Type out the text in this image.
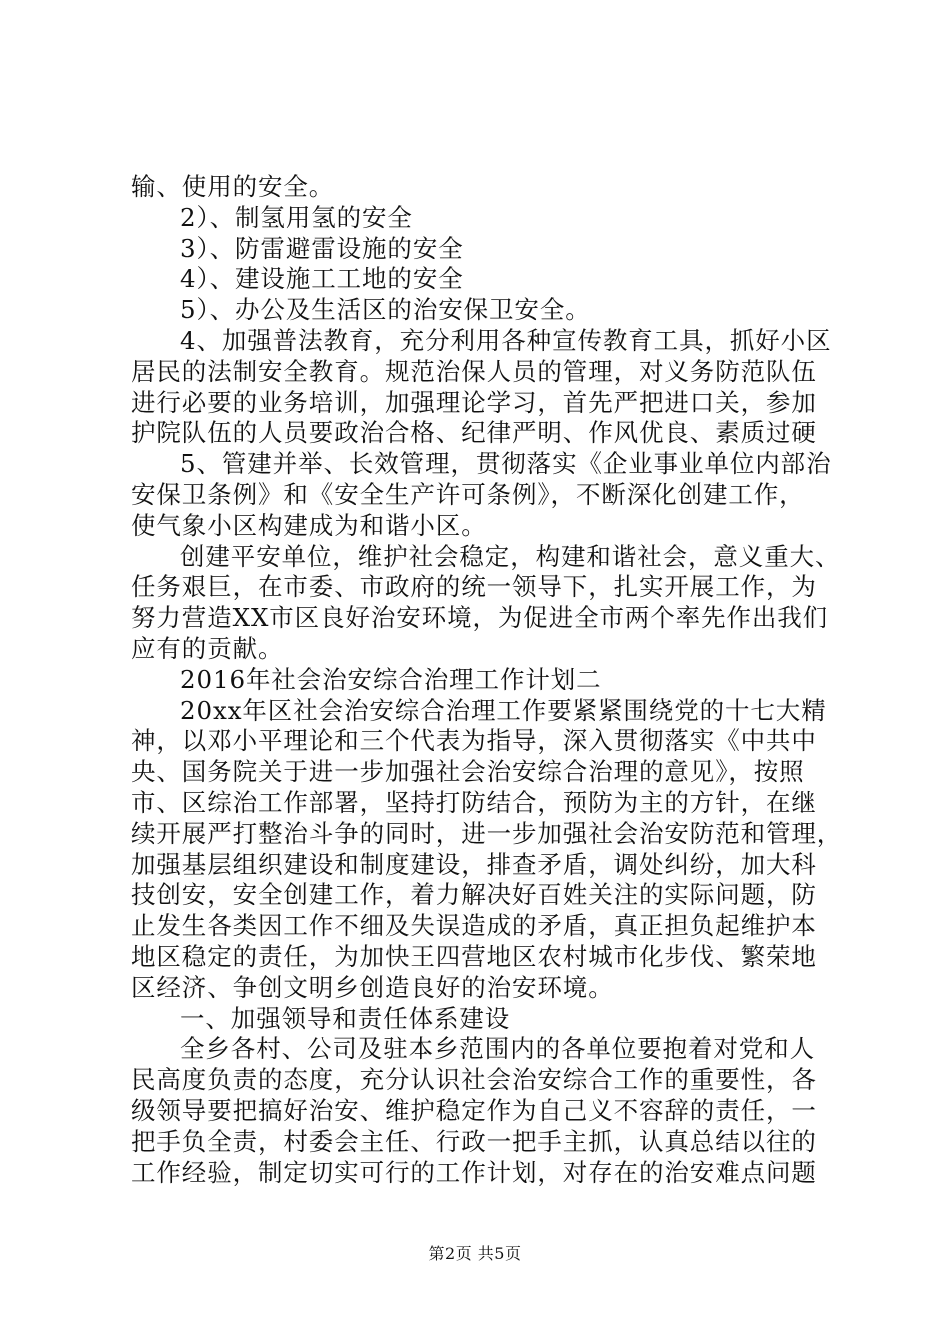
输、使用的安全。
2）、制氢用氢的安全
3）、防雷避雷设施的安全
4）、建设施工工地的安全
5）、办公及生活区的治安保卫安全。
4、加强普法教育，充分利用各种宣传教育工具，抓好小区
居民的法制安全教育。规范治保人员的管理，对义务防范队伍
进行必要的业务培训，加强理论学习，首先严把进口关，参加
护院队伍的人员要政治合格、纪律严明、作风优良、素质过硬
5、管建并举、长效管理，贯彻落实《企业事业单位内部治
安保卫条例》和《安全生产许可条例》，不断深化创建工作，
使气象小区构建成为和谐小区。
创建平安单位，维护社会稳定，构建和谐社会，意义重大、
任务艰巨，在市委、市政府的统一领导下，扎实开展工作，为
努力营造XX市区良好治安环境，为促进全市两个率先作出我们
应有的贡献。
2016年社会治安综合治理工作计划二
20xx年区社会治安综合治理工作要紧紧围绕党的十七大精
神，以邓小平理论和三个代表为指导，深入贯彻落实《中共中
央、国务院关于进一步加强社会治安综合治理的意见》，按照
市、区综治工作部署，坚持打防结合，预防为主的方针，在继
续开展严打整治斗争的同时，进一步加强社会治安防范和管理，
加强基层组织建设和制度建设，排查矛盾，调处纠纷，加大科
技创安，安全创建工作，着力解决好百姓关注的实际问题，防
止发生各类因工作不细及失误造成的矛盾，真正担负起维护本
地区稳定的责任，为加快王四营地区农村城市化步伐、繁荣地
区经济、争创文明乡创造良好的治安环境。
一、加强领导和责任体系建设
全乡各村、公司及驻本乡范围内的各单位要抱着对党和人
民高度负责的态度，充分认识社会治安综合工作的重要性，各
级领导要把搞好治安、维护稳定作为自己义不容辞的责任，一
把手负全责，村委会主任、行政一把手主抓，认真总结以往的
工作经验，制定切实可行的工作计划，对存在的治安难点问题
第2页 共5页
